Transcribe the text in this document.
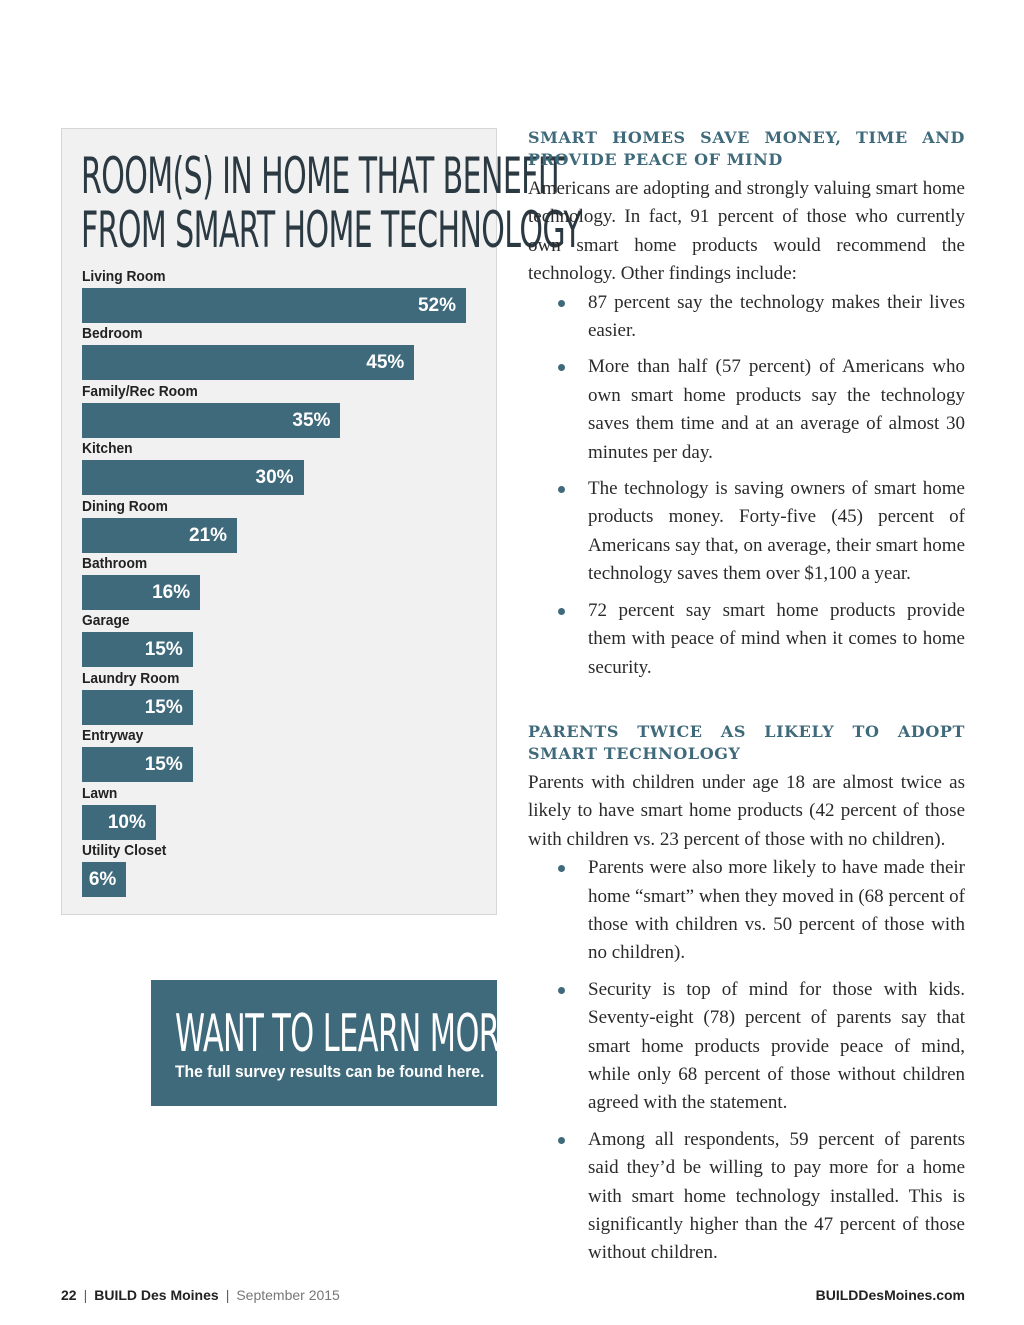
ROOM(S) IN HOME THAT BENEFIT
FROM SMART HOME TECHNOLOGY
Living Room
52%
Bedroom
45%
Family/Rec Room
35%
Kitchen
30%
Dining Room
21%
Bathroom
16%
Garage
15%
Laundry Room
15%
Entryway
15%
Lawn
10%
Utility Closet
6%
WANT TO LEARN MORE?
The full survey results can be found here.
SMART HOMES SAVE MONEY, TIME AND PROVIDE PEACE OF MIND

Americans are adopting and strongly valuing smart home technology. In fact, 91 percent of those who currently own smart home products would recommend the technology. Other findings include:

87 percent say the technology makes their lives easier.
More than half (57 percent) of Americans who own smart home products say the technology saves them time and at an average of almost 30 minutes per day.
The technology is saving owners of smart home products money. Forty-five (45) percent of Americans say that, on average, their smart home technology saves them over $1,100 a year.
72 percent say smart home products provide them with peace of mind when it comes to home security.
PARENTS TWICE AS LIKELY TO ADOPT SMART TECHNOLOGY

Parents with children under age 18 are almost twice as likely to have smart home products (42 percent of those with children vs. 23 percent of those with no children).

Parents were also more likely to have made their home “smart” when they moved in (68 percent of those with children vs. 50 percent of those with no children).
Security is top of mind for those with kids. Seventy-eight (78) percent of parents say that smart home products provide peace of mind, while only 68 percent of those without children agreed with the statement.
Among all respondents, 59 percent of parents said they’d be willing to pay more for a home with smart home technology installed. This is significantly higher than the 47 percent of those without children.
22 | BUILD Des Moines | September 2015	BUILDDesMoines.com
